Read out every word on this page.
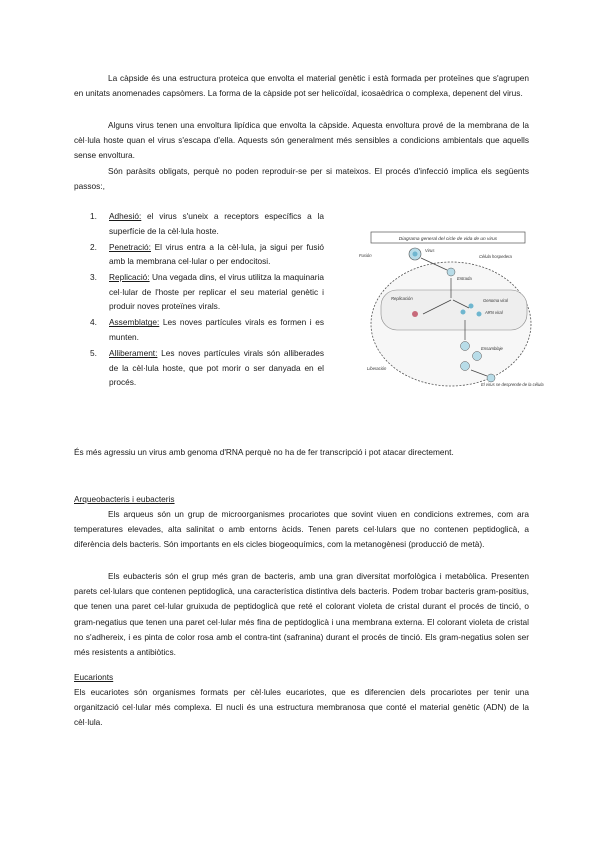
La càpside és una estructura proteica que envolta el material genètic i està formada per proteïnes que s'agrupen en unitats anomenades capsòmers. La forma de la càpside pot ser helicoïdal, icosaèdrica o complexa, depenent del virus.

Alguns virus tenen una envoltura lipídica que envolta la càpside. Aquesta envoltura prové de la membrana de la cèl·lula hoste quan el virus s'escapa d'ella. Aquests són generalment més sensibles a condicions ambientals que aquells sense envoltura.

Són paràsits obligats, perquè no poden reproduir-se per si mateixos. El procés d'infecció implica els següents passos:,

1. Adhesió: el virus s'uneix a receptors específics a la superfície de la cèl·lula hoste.
2. Penetració: El virus entra a la cèl·lula, ja sigui per fusió amb la membrana cel·lular o per endocitosi.
3. Replicació: Una vegada dins, el virus utilitza la maquinaria cel·lular de l'hoste per replicar el seu material genètic i produir noves proteïnes virals.
4. Assemblatge: Les noves partícules virals es formen i es munten.
5. Alliberament: Les noves partícules virals són alliberades de la cèl·lula hoste, que pot morir o ser danyada en el procés.
Diagrama general del cicle de vida de un virus
Fusión
Virus
Célula hospedera
Entrada
Replicación	Genoma viral
ARN viral
Ensamblaje
Liberación
El virus se desprende de la célula

És més agressiu un virus amb genoma d'RNA perquè no ha de fer transcripció i pot atacar directement.

Arqueobacteris i eubacteris

Els arqueus són un grup de microorganismes procariotes que sovint viuen en condicions extremes, com ara temperatures elevades, alta salinitat o amb entorns àcids. Tenen parets cel·lulars que no contenen peptidoglicà, a diferència dels bacteris. Són importants en els cicles biogeoquímics, com la metanogènesi (producció de metà).

Els eubacteris són el grup més gran de bacteris, amb una gran diversitat morfològica i metabòlica. Presenten parets cel·lulars que contenen peptidoglicà, una característica distintiva dels bacteris. Podem trobar bacteris gram-positius, que tenen una paret cel·lular gruixuda de peptidoglicà que reté el colorant violeta de cristal durant el procés de tinció, o gram-negatius que tenen una paret cel·lular més fina de peptidoglicà i una membrana externa. El colorant violeta de cristal no s'adhereix, i es pinta de color rosa amb el contra-tint (safranina) durant el procés de tinció. Els gram-negatius solen ser més resistents a antibiòtics.

Eucarionts

Els eucariotes són organismes formats per cèl·lules eucariotes, que es diferencien dels procariotes per tenir una organització cel·lular més complexa. El nucli és una estructura membranosa que conté el material genètic (ADN) de la cèl·lula.
